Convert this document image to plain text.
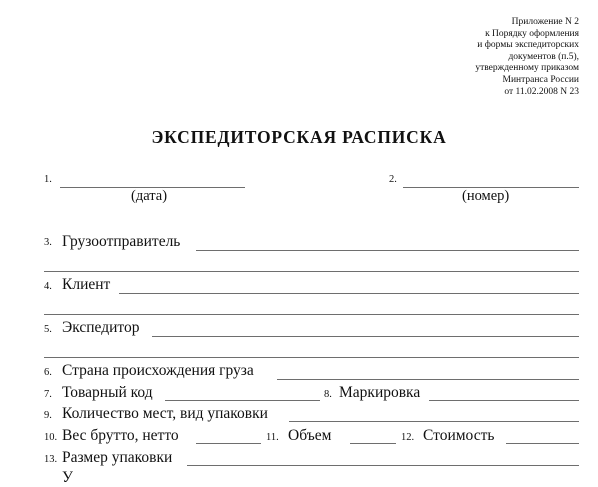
Приложение N 2
к Порядку оформления
и формы экспедиторских
документов (п.5),
утвержденному приказом
Минтранса России
от 11.02.2008 N 23
ЭКСПЕДИТОРСКАЯ РАСПИСКА
1.
(дата)
2.
(номер)
3. Грузоотправитель
4. Клиент
5. Экспедитор
6. Страна происхождения груза
7. Товарный код	8. Маркировка
9. Количество мест, вид упаковки
10. Вес брутто, нетто	11. Объем	12. Стоимость
13. Размер упаковки
У
